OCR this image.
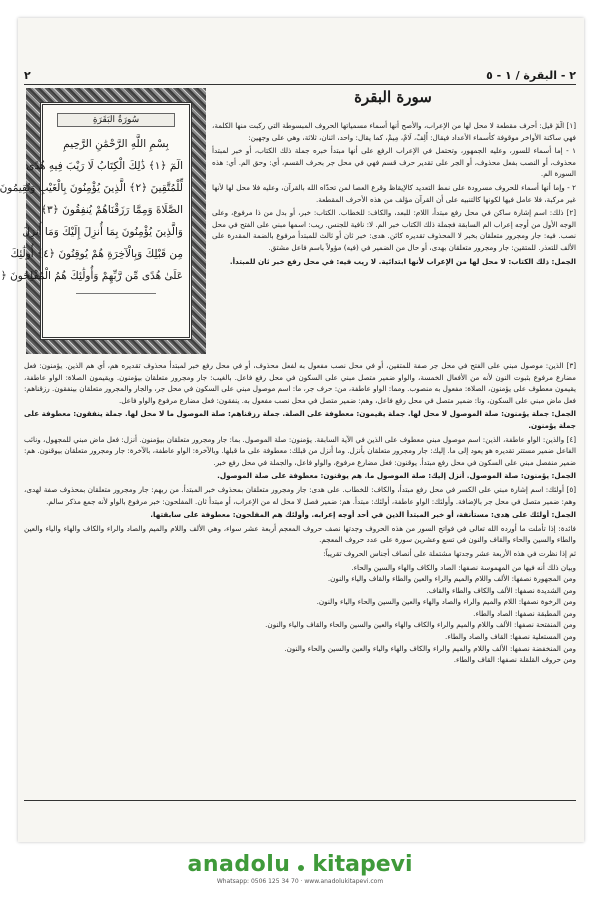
٢ - البقرة / ١ - ٥
٢
سُورَةُ البَقَرَةِ
بِسْمِ اللَّهِ الرَّحْمَٰنِ الرَّحِيمِ
الٓمٓ ﴿١﴾ ذَٰلِكَ الْكِتَابُ لَا رَيْبَ فِيهِ هُدًى
لِّلْمُتَّقِينَ ﴿٢﴾ الَّذِينَ يُؤْمِنُونَ بِالْغَيْبِ وَيُقِيمُونَ
الصَّلَاةَ وَمِمَّا رَزَقْنَاهُمْ يُنفِقُونَ ﴿٣﴾
وَالَّذِينَ يُؤْمِنُونَ بِمَا أُنزِلَ إِلَيْكَ وَمَا أُنزِلَ
مِن قَبْلِكَ وَبِالْآخِرَةِ هُمْ يُوقِنُونَ ﴿٤﴾ أُولَٰئِكَ
عَلَىٰ هُدًى مِّن رَّبِّهِمْ وَأُولَٰئِكَ هُمُ الْمُفْلِحُونَ ﴿
سورة البقرة

[١] الٓمٓ قيل: أحرف مقطعة لا محل لها من الإعراب، والأصح أنها أسماء مسمياتها الحروف المبسوطة التي ركبت منها الكلمة، فهي ساكنة الأواخر موقوفة كأسماء الأعداد فيقال: أَلِفْ، لَامْ، مِيمْ، كما يقال: واحد، اثنان، ثلاثة، وهي على وجهين:

١ - إما أسماء للسور، وعليه الجمهور، وتحتمل في الإعراب الرفع على أنها مبتدأ خبره جملة ذلك الكتاب، أو خبر لمبتدأ محذوف، أو النصب بفعل محذوف، أو الجر على تقدير حرف قسم فهي في محل جر بحرف القسم، أي: وحق الم. أي: هذه السورة الم.

٢ - وإما أنها أسماء للحروف مسرودة على نمط التعديد كالإيقاظ وقرع العصا لمن تحدّاه الله بالقرآن، وعليه فلا محل لها لأنها غير مركبة، فلا عامل فيها لكونها كالتنبيه على أن القرآن مؤلف من هذه الأحرف المقطعة.

[٢] ذلك: اسم إشارة ساكن في محل رفع مبتدأ، اللام: للبعد، والكاف: للخطاب. الكتاب: خبر، أو بدل من ذا مرفوع، وعلى الوجه الأول من أوجه إعراب الم السابقة فجملة ذلك الكتاب خبر الم. لا: نافية للجنس. ريب: اسمها مبني على الفتح في محل نصب. فيه: جار ومجرور متعلقان بخبر لا المحذوف تقديره كائن. هدى: خبر ثان أو ثالث للمبتدأ مرفوع بالضمة المقدرة على الألف للتعذر. للمتقين: جار ومجرور متعلقان بهدى، أو حال من الضمير في (فيه) مؤولاً باسم فاعل مشتق.

الجمل: ذلك الكتاب: لا محل لها من الإعراب لأنها ابتدائية. لا ريب فيه: في محل رفع خبر ثان للمبتدأ.

[٣] الذين: موصول مبني على الفتح في محل جر صفة للمتقين، أو في محل نصب مفعول به لفعل محذوف، أو في محل رفع خبر لمبتدأ محذوف تقديره هم، أي هم الذين. يؤمنون: فعل مضارع مرفوع بثبوت النون لأنه من الأفعال الخمسة، والواو ضمير متصل مبني على السكون في محل رفع فاعل. بالغيب: جار ومجرور متعلقان بيؤمنون. ويقيمون الصلاة: الواو عاطفة، يقيمون معطوف على يؤمنون، الصلاة: مفعول به منصوب. ومما: الواو عاطفة، من: حرف جر، ما: اسم موصول مبني على السكون في محل جر، والجار والمجرور متعلقان بينفقون. رزقناهم: فعل ماض مبني على السكون، ونا: ضمير متصل في محل رفع فاعل، وهم: ضمير متصل في محل نصب مفعول به. ينفقون: فعل مضارع مرفوع والواو فاعل.

الجمل: جملة يؤمنون: صلة الموصول لا محل لها. جملة يقيمون: معطوفة على الصلة. جملة رزقناهم: صلة الموصول ما لا محل لها. جملة ينفقون: معطوفة على جملة يؤمنون.

[٤] والذين: الواو عاطفة، الذين: اسم موصول مبني معطوف على الذين في الآية السابقة. يؤمنون: صلة الموصول. بما: جار ومجرور متعلقان بيؤمنون. أنزل: فعل ماض مبني للمجهول، ونائب الفاعل ضمير مستتر تقديره هو يعود إلى ما. إليك: جار ومجرور متعلقان بأنزل. وما أنزل من قبلك: معطوفة على ما قبلها. وبالآخرة: الواو عاطفة، بالآخرة: جار ومجرور متعلقان بيوقنون. هم: ضمير منفصل مبني على السكون في محل رفع مبتدأ. يوقنون: فعل مضارع مرفوع، والواو فاعل، والجملة في محل رفع خبر.

الجمل: يؤمنون: صلة الموصول. أنزل إليك: صلة الموصول ما. هم يوقنون: معطوفة على صلة الموصول.

[٥] أولئك: اسم إشارة مبني على الكسر في محل رفع مبتدأ، والكاف: للخطاب. على هدى: جار ومجرور متعلقان بمحذوف خبر المبتدأ. من ربهم: جار ومجرور متعلقان بمحذوف صفة لهدى، وهم: ضمير متصل في محل جر بالإضافة. وأولئك: الواو عاطفة، أولئك: مبتدأ. هم: ضمير فصل لا محل له من الإعراب، أو مبتدأ ثان. المفلحون: خبر مرفوع بالواو لأنه جمع مذكر سالم.

الجمل: أولئك على هدى: مستأنفة، أو خبر المبتدأ الذين في أحد أوجه إعرابه. وأولئك هم المفلحون: معطوفة على سابقتها.

فائدة: إذا تأملت ما أورده الله تعالى في فواتح السور من هذه الحروف وجدتها نصف حروف المعجم أربعة عشر سواء، وهي الألف واللام والميم والصاد والراء والكاف والهاء والياء والعين والطاء والسين والحاء والقاف والنون في تسع وعشرين سورة على عدد حروف المعجم.

ثم إذا نظرت في هذه الأربعة عشر وجدتها مشتملة على أنصاف أجناس الحروف تقريباً:

وبيان ذلك أنه فيها من المهموسة نصفها: الصاد والكاف والهاء والسين والحاء.

ومن المجهورة نصفها: الألف واللام والميم والراء والعين والطاء والقاف والياء والنون.

ومن الشديدة نصفها: الألف والكاف والطاء والقاف.

ومن الرخوة نصفها: اللام والميم والراء والصاد والهاء والعين والسين والحاء والياء والنون.

ومن المطبقة نصفها: الصاد والطاء.

ومن المنفتحة نصفها: الألف واللام والميم والراء والكاف والهاء والعين والسين والحاء والقاف والياء والنون.

ومن المستعلية نصفها: القاف والصاد والطاء.

ومن المنخفضة نصفها: الألف واللام والميم والراء والكاف والهاء والياء والعين والسين والحاء والنون.

ومن حروف القلقلة نصفها: القاف والطاء.

anadolu kitapevi
Whatsapp: 0506 125 34 70 · www.anadolukitapevi.com
